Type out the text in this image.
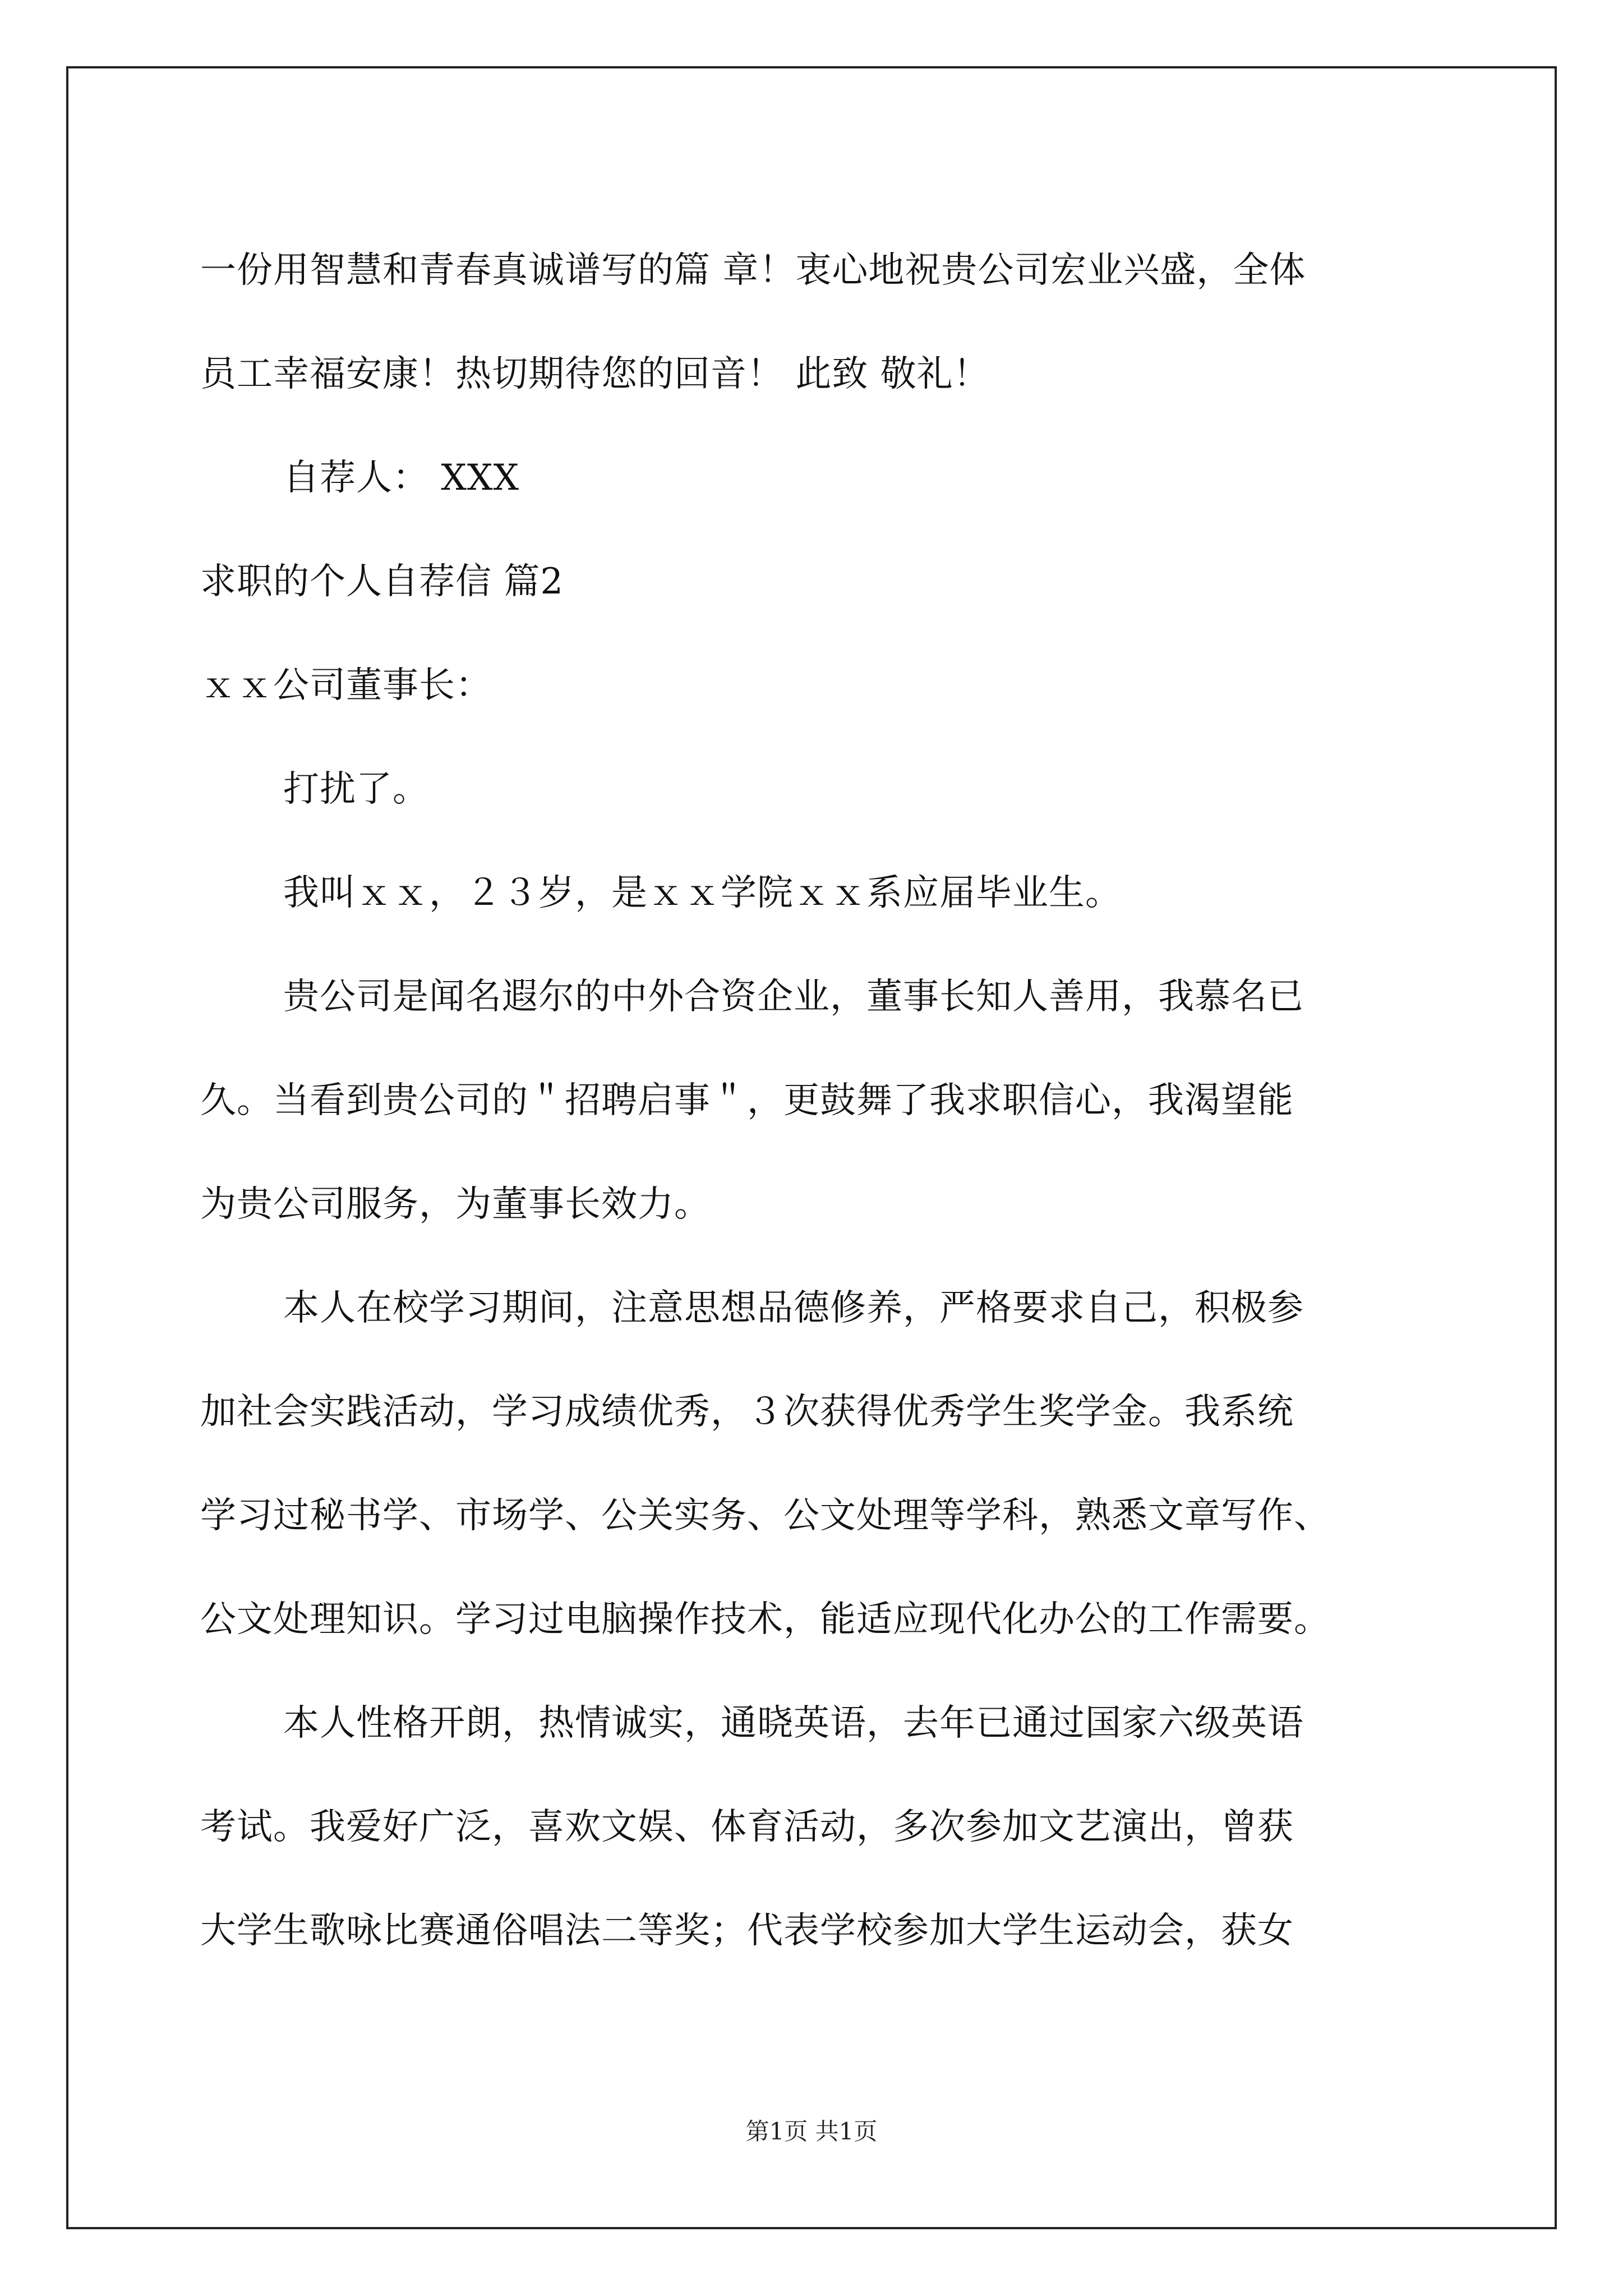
一份用智慧和青春真诚谱写的篇 章！衷心地祝贵公司宏业兴盛，全体
员工幸福安康！热切期待您的回音！ 此致 敬礼！
自荐人： XXX
求职的个人自荐信 篇2
ｘｘ公司董事长：
打扰了。
我叫ｘｘ，２３岁，是ｘｘ学院ｘｘ系应届毕业生。
贵公司是闻名遐尔的中外合资企业，董事长知人善用，我慕名已
久。当看到贵公司的＂招聘启事＂，更鼓舞了我求职信心，我渴望能
为贵公司服务，为董事长效力。
本人在校学习期间，注意思想品德修养，严格要求自己，积极参
加社会实践活动，学习成绩优秀，３次获得优秀学生奖学金。我系统
学习过秘书学、市场学、公关实务、公文处理等学科，熟悉文章写作、
公文处理知识。学习过电脑操作技术，能适应现代化办公的工作需要。
本人性格开朗，热情诚实，通晓英语，去年已通过国家六级英语
考试。我爱好广泛，喜欢文娱、体育活动，多次参加文艺演出，曾获
大学生歌咏比赛通俗唱法二等奖；代表学校参加大学生运动会，获女
第1页 共1页
